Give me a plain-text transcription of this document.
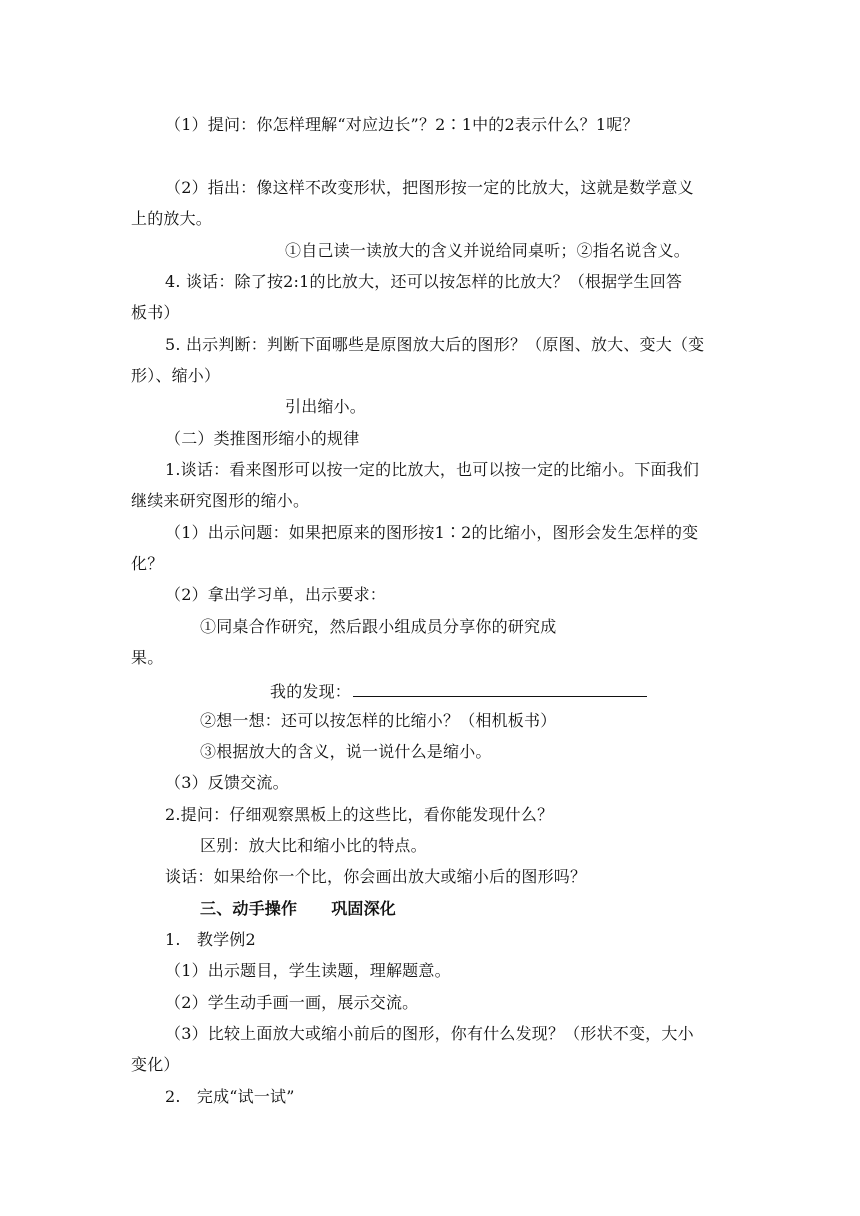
（1）提问：你怎样理解“对应边长”？2∶1中的2表示什么？1呢？
（2）指出：像这样不改变形状，把图形按一定的比放大，这就是数学意义
上的放大。
①自己读一读放大的含义并说给同桌听；②指名说含义。
4. 谈话：除了按2:1的比放大，还可以按怎样的比放大？（根据学生回答
板书）
5. 出示判断：判断下面哪些是原图放大后的图形？（原图、放大、变大（变
形）、缩小）
引出缩小。
（二）类推图形缩小的规律
1.谈话：看来图形可以按一定的比放大，也可以按一定的比缩小。下面我们
继续来研究图形的缩小。
（1）出示问题：如果把原来的图形按1∶2的比缩小，图形会发生怎样的变
化？
（2）拿出学习单，出示要求：
①同桌合作研究，然后跟小组成员分享你的研究成
果。
我的发现：
②想一想：还可以按怎样的比缩小？（相机板书）
③根据放大的含义，说一说什么是缩小。
（3）反馈交流。
2.提问：仔细观察黑板上的这些比，看你能发现什么？
区别：放大比和缩小比的特点。
谈话：如果给你一个比，你会画出放大或缩小后的图形吗？
三、动手操作 巩固深化
1.　教学例2
（1）出示题目，学生读题，理解题意。
（2）学生动手画一画，展示交流。
（3）比较上面放大或缩小前后的图形，你有什么发现？（形状不变，大小
变化）
2.　完成“试一试”
